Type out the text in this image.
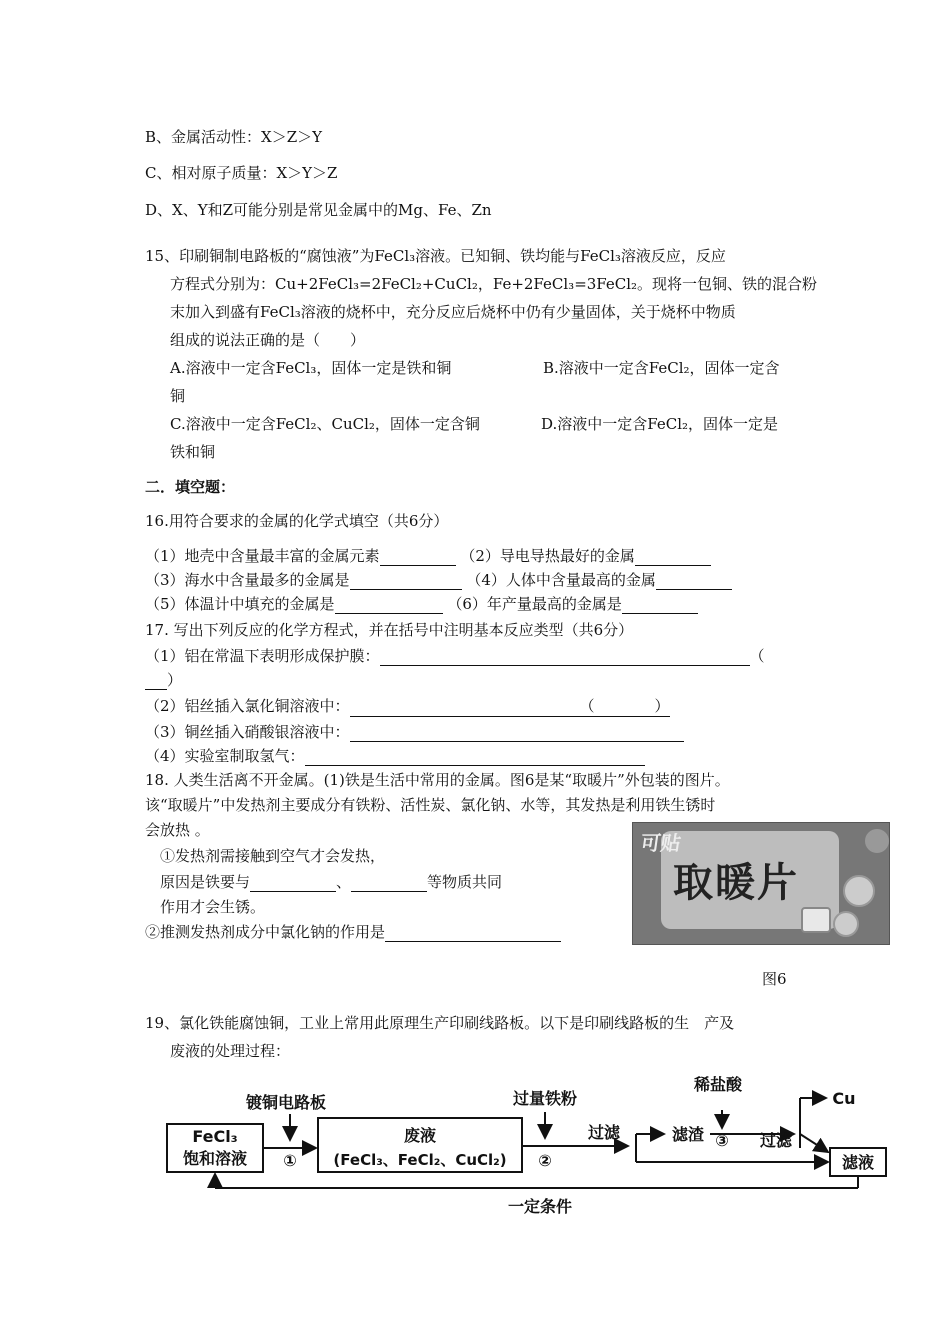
B、金属活动性：X＞Z＞Y
C、相对原子质量：X＞Y＞Z
D、X、Y和Z可能分别是常见金属中的Mg、Fe、Zn
15、印刷铜制电路板的“腐蚀液”为FeCl₃溶液。已知铜、铁均能与FeCl₃溶液反应，反应
方程式分别为：Cu+2FeCl₃=2FeCl₂+CuCl₂，Fe+2FeCl₃=3FeCl₂。现将一包铜、铁的混合粉
末加入到盛有FeCl₃溶液的烧杯中，充分反应后烧杯中仍有少量固体，关于烧杯中物质
组成的说法正确的是（　　）
A.溶液中一定含FeCl₃，固体一定是铁和铜	B.溶液中一定含FeCl₂，固体一定含
铜
C.溶液中一定含FeCl₂、CuCl₂，固体一定含铜	D.溶液中一定含FeCl₂，固体一定是
铁和铜
二．填空题：
16.用符合要求的金属的化学式填空（共6分）
（1）地壳中含量最丰富的金属元素	（2）导电导热最好的金属
（3）海水中含量最多的金属是	（4）人体中含量最高的金属
（5）体温计中填充的金属是	（6）年产量最高的金属是
17. 写出下列反应的化学方程式，并在括号中注明基本反应类型（共6分）
（1）铝在常温下表明形成保护膜：	（
）
（2）铝丝插入氯化铜溶液中：	（　　　　）
（3）铜丝插入硝酸银溶液中：
（4）实验室制取氢气：
18. 人类生活离不开金属。(1)铁是生活中常用的金属。图6是某“取暖片”外包装的图片。
该“取暖片”中发热剂主要成分有铁粉、活性炭、氯化钠、水等，其发热是利用铁生锈时
会放热 。
①发热剂需接触到空气才会发热，
原因是铁要与	、	等物质共同
作用才会生锈。
②推测发热剂成分中氯化钠的作用是
可贴
取暖片
图6
19、氯化铁能腐蚀铜，工业上常用此原理生产印刷线路板。以下是印刷线路板的生　产及
废液的处理过程：
FeCl₃
饱和溶液
镀铜电路板
①
废液
(FeCl₃、FeCl₂、CuCl₂)
过量铁粉
②
过滤	滤渣
稀盐酸
③ 过滤
Cu
滤液
一定条件
